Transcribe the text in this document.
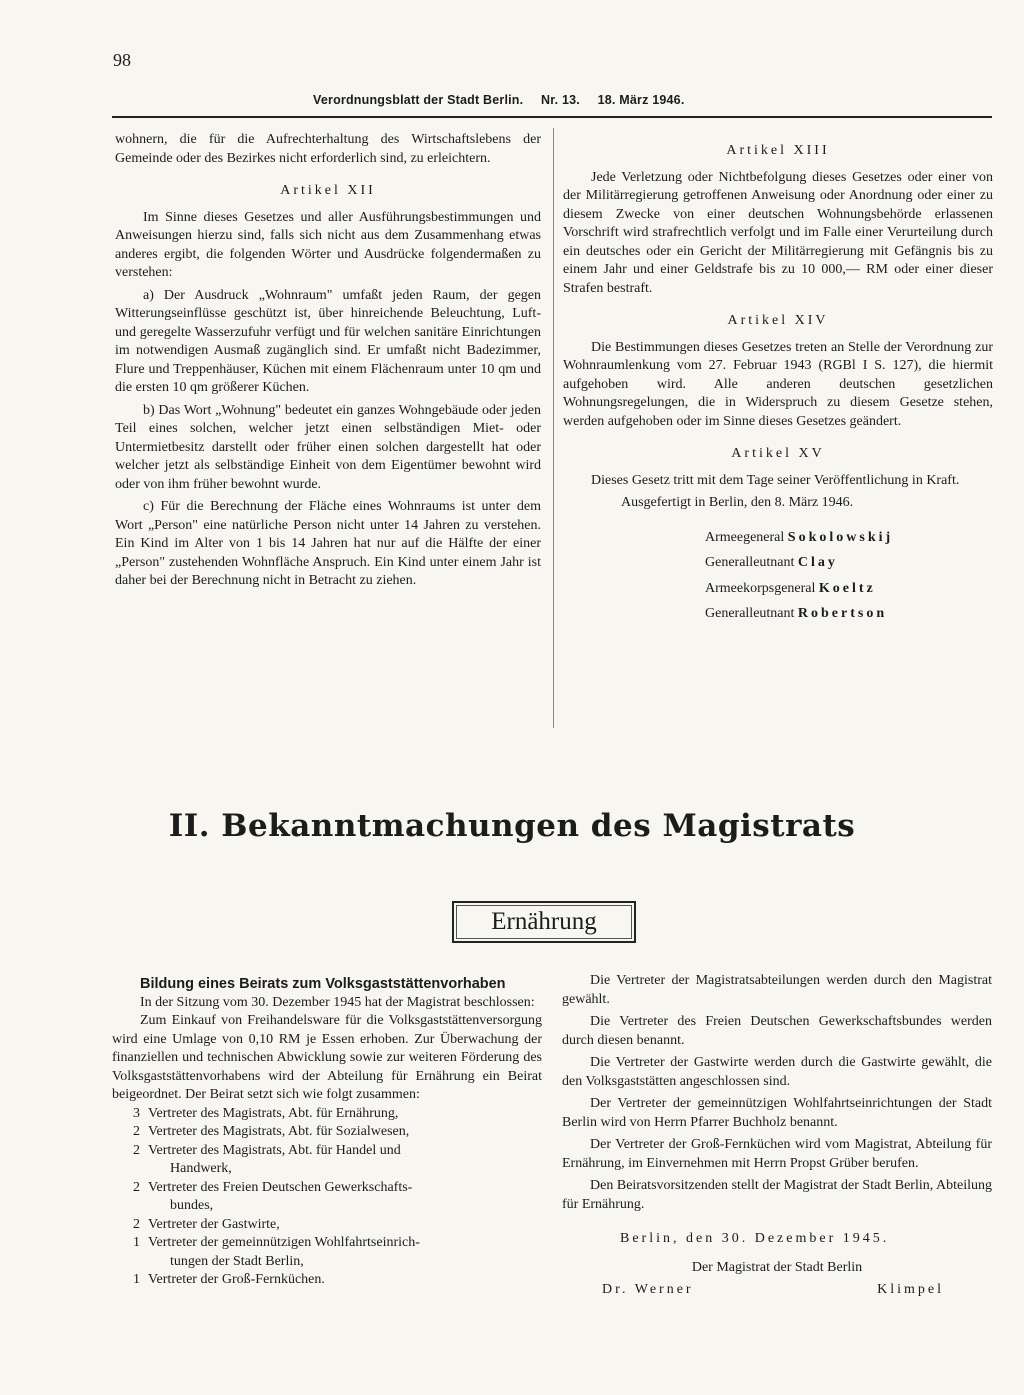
98
Verordnungsblatt der Stadt Berlin. Nr. 13. 18. März 1946.

wohnern, die für die Aufrechterhaltung des Wirtschaftslebens der Gemeinde oder des Bezirkes nicht erforderlich sind, zu erleichtern.

Artikel XII

Im Sinne dieses Gesetzes und aller Ausführungsbestimmungen und Anweisungen hierzu sind, falls sich nicht aus dem Zusammenhang etwas anderes ergibt, die folgenden Wörter und Ausdrücke folgendermaßen zu verstehen:

a) Der Ausdruck „Wohnraum" umfaßt jeden Raum, der gegen Witterungseinflüsse geschützt ist, über hinreichende Beleuchtung, Luft- und geregelte Wasserzufuhr verfügt und für welchen sanitäre Einrichtungen im notwendigen Ausmaß zugänglich sind. Er umfaßt nicht Badezimmer, Flure und Treppenhäuser, Küchen mit einem Flächenraum unter 10 qm und die ersten 10 qm größerer Küchen.

b) Das Wort „Wohnung" bedeutet ein ganzes Wohngebäude oder jeden Teil eines solchen, welcher jetzt einen selbständigen Miet- oder Untermietbesitz darstellt oder früher einen solchen dargestellt hat oder welcher jetzt als selbständige Einheit von dem Eigentümer bewohnt wird oder von ihm früher bewohnt wurde.

c) Für die Berechnung der Fläche eines Wohnraums ist unter dem Wort „Person" eine natürliche Person nicht unter 14 Jahren zu verstehen. Ein Kind im Alter von 1 bis 14 Jahren hat nur auf die Hälfte der einer „Person" zustehenden Wohnfläche Anspruch. Ein Kind unter einem Jahr ist daher bei der Berechnung nicht in Betracht zu ziehen.

Artikel XIII

Jede Verletzung oder Nichtbefolgung dieses Gesetzes oder einer von der Militärregierung getroffenen Anweisung oder Anordnung oder einer zu diesem Zwecke von einer deutschen Wohnungsbehörde erlassenen Vorschrift wird strafrechtlich verfolgt und im Falle einer Verurteilung durch ein deutsches oder ein Gericht der Militärregierung mit Gefängnis bis zu einem Jahr und einer Geldstrafe bis zu 10 000,— RM oder einer dieser Strafen bestraft.

Artikel XIV

Die Bestimmungen dieses Gesetzes treten an Stelle der Verordnung zur Wohnraumlenkung vom 27. Februar 1943 (RGBl I S. 127), die hiermit aufgehoben wird. Alle anderen deutschen gesetzlichen Wohnungsregelungen, die in Widerspruch zu diesem Gesetze stehen, werden aufgehoben oder im Sinne dieses Gesetzes geändert.

Artikel XV

Dieses Gesetz tritt mit dem Tage seiner Veröffentlichung in Kraft.

Ausgefertigt in Berlin, den 8. März 1946.

Armeegeneral Sokolowskij
Generalleutnant Clay
Armeekorpsgeneral Koeltz
Generalleutnant Robertson
II. Bekanntmachungen des Magistrats
Ernährung

Bildung eines Beirats zum Volksgaststättenvorhaben

In der Sitzung vom 30. Dezember 1945 hat der Magistrat beschlossen:

Zum Einkauf von Freihandelsware für die Volksgaststättenversorgung wird eine Umlage von 0,10 RM je Essen erhoben. Zur Überwachung der finanziellen und technischen Abwicklung sowie zur weiteren Förderung des Volksgaststättenvorhabens wird der Abteilung für Ernährung ein Beirat beigeordnet. Der Beirat setzt sich wie folgt zusammen:

3 Vertreter des Magistrats, Abt. für Ernährung,
2 Vertreter des Magistrats, Abt. für Sozialwesen,
2 Vertreter des Magistrats, Abt. für Handel und
Handwerk,
2 Vertreter des Freien Deutschen Gewerkschafts-
bundes,
2 Vertreter der Gastwirte,
1 Vertreter der gemeinnützigen Wohlfahrtseinrich-
tungen der Stadt Berlin,
1 Vertreter der Groß-Fernküchen.

Die Vertreter der Magistratsabteilungen werden durch den Magistrat gewählt.

Die Vertreter des Freien Deutschen Gewerkschaftsbundes werden durch diesen benannt.

Die Vertreter der Gastwirte werden durch die Gastwirte gewählt, die den Volksgaststätten angeschlossen sind.

Der Vertreter der gemeinnützigen Wohlfahrtseinrichtungen der Stadt Berlin wird von Herrn Pfarrer Buchholz benannt.

Der Vertreter der Groß-Fernküchen wird vom Magistrat, Abteilung für Ernährung, im Einvernehmen mit Herrn Propst Grüber berufen.

Den Beiratsvorsitzenden stellt der Magistrat der Stadt Berlin, Abteilung für Ernährung.

Berlin, den 30. Dezember 1945.

Der Magistrat der Stadt Berlin

Dr. Werner	Klimpel
